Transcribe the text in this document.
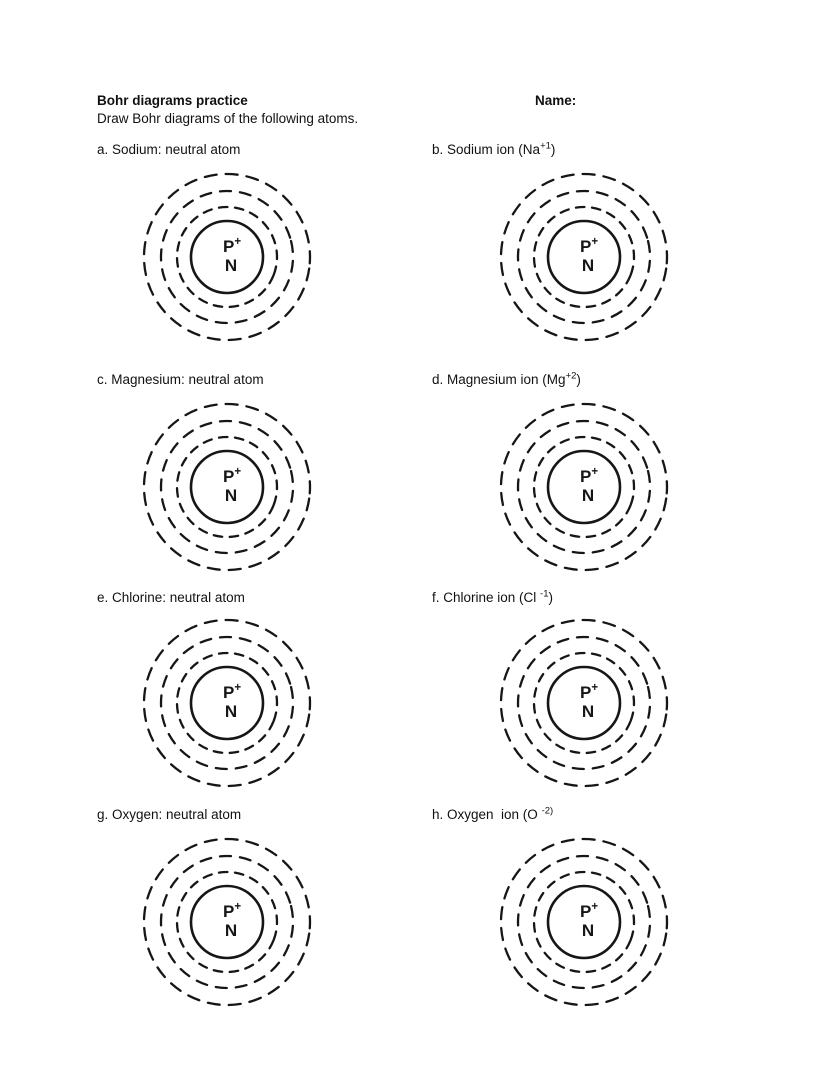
Bohr diagrams practice	Name:
Draw Bohr diagrams of the following atoms.
a. Sodium: neutral atom	b. Sodium ion $(Na^{+1})$
P+
N
P+
N
c. Magnesium: neutral atom	d. Magnesium ion $(Mg^{+2})$
P+
N
P+
N
e. Chlorine: neutral atom	f. Chlorine ion (Cl $^{-1}$)
P+
N
P+
N
g. Oxygen: neutral atom	h. Oxygen  ion (O $^{-2)}$
P+
N
P+
N
